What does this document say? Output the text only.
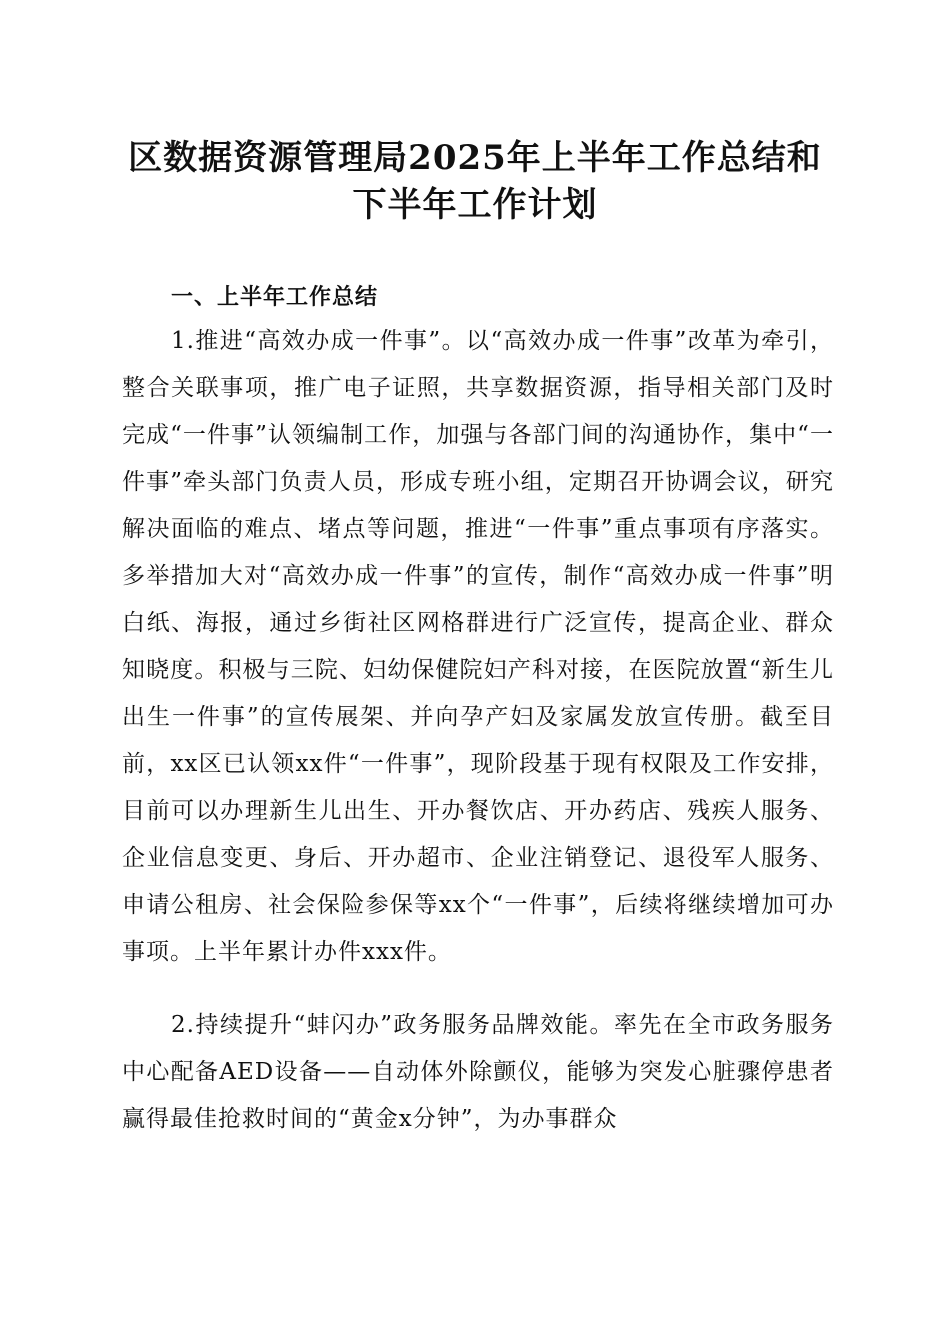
区数据资源管理局2025年上半年工作总结和
下半年工作计划
一、上半年工作总结

1.推进“高效办成一件事”。以“高效办成一件事”改革为牵引，整合关联事项，推广电子证照，共享数据资源，指导相关部门及时完成“一件事”认领编制工作，加强与各部门间的沟通协作，集中“一件事”牵头部门负责人员，形成专班小组，定期召开协调会议，研究解决面临的难点、堵点等问题，推进“一件事”重点事项有序落实。多举措加大对“高效办成一件事”的宣传，制作“高效办成一件事”明白纸、海报，通过乡街社区网格群进行广泛宣传，提高企业、群众知晓度。积极与三院、妇幼保健院妇产科对接，在医院放置“新生儿出生一件事”的宣传展架、并向孕产妇及家属发放宣传册。截至目前，xx区已认领xx件“一件事”，现阶段基于现有权限及工作安排，目前可以办理新生儿出生、开办餐饮店、开办药店、残疾人服务、企业信息变更、身后、开办超市、企业注销登记、退役军人服务、申请公租房、社会保险参保等xx个“一件事”，后续将继续增加可办事项。上半年累计办件xxx件。

2.持续提升“蚌闪办”政务服务品牌效能。率先在全市政务服务中心配备AED设备——自动体外除颤仪，能够为突发心脏骤停患者赢得最佳抢救时间的“黄金x分钟”，为办事群众
